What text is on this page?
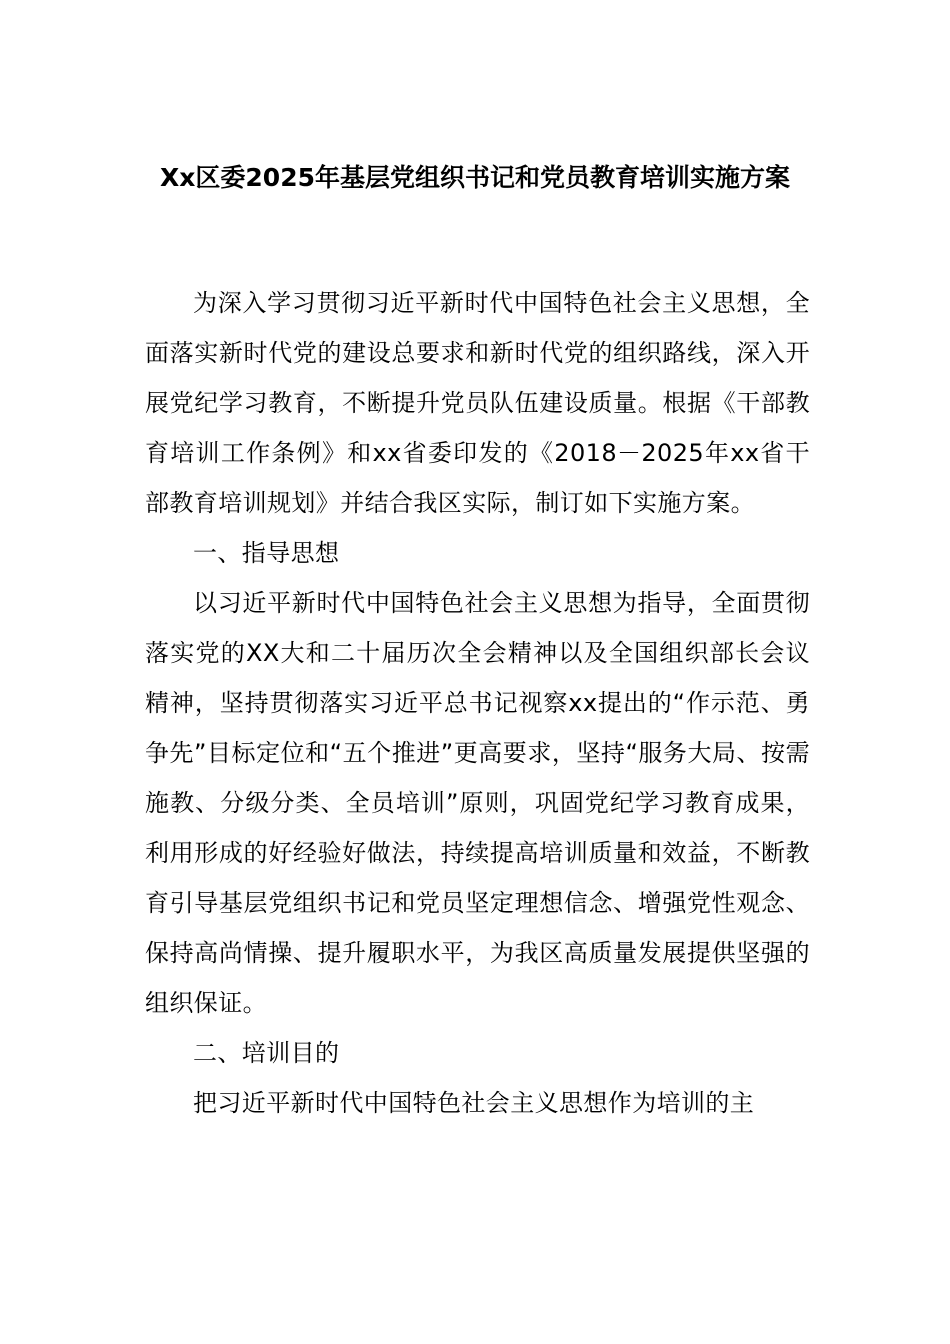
Xx区委2025年基层党组织书记和党员教育培训实施方案

为深入学习贯彻习近平新时代中国特色社会主义思想，全面落实新时代党的建设总要求和新时代党的组织路线，深入开展党纪学习教育，不断提升党员队伍建设质量。根据《干部教育培训工作条例》和xx省委印发的《2018－2025年xx省干部教育培训规划》并结合我区实际，制订如下实施方案。

一、指导思想

以习近平新时代中国特色社会主义思想为指导，全面贯彻落实党的XX大和二十届历次全会精神以及全国组织部长会议精神，坚持贯彻落实习近平总书记视察xx提出的“作示范、勇争先”目标定位和“五个推进”更高要求，坚持“服务大局、按需施教、分级分类、全员培训”原则，巩固党纪学习教育成果，利用形成的好经验好做法，持续提高培训质量和效益，不断教育引导基层党组织书记和党员坚定理想信念、增强党性观念、保持高尚情操、提升履职水平，为我区高质量发展提供坚强的组织保证。

二、培训目的

把习近平新时代中国特色社会主义思想作为培训的主
